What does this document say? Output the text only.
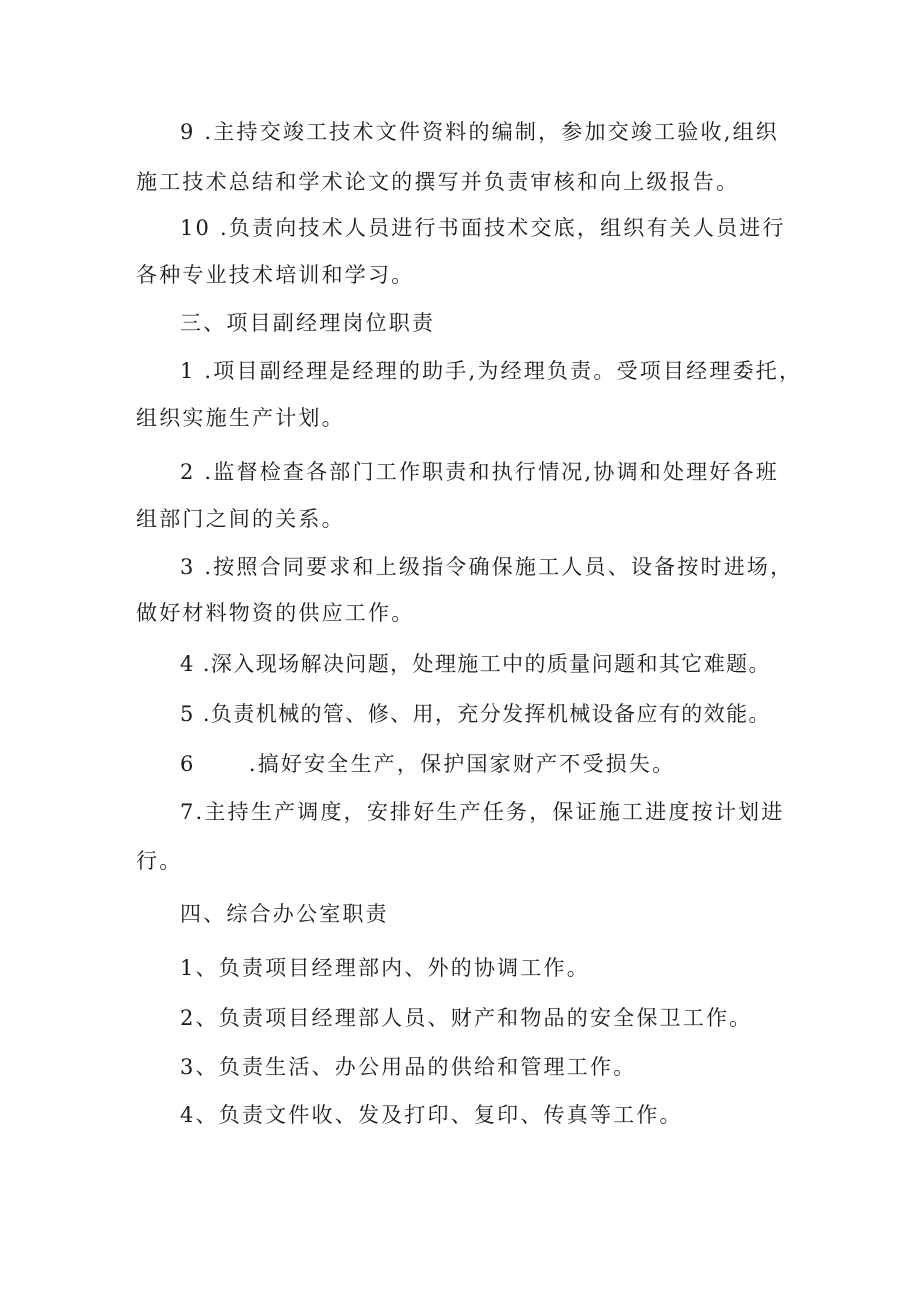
9 .主持交竣工技术文件资料的编制，参加交竣工验收,组织
施工技术总结和学术论文的撰写并负责审核和向上级报告。
10 .负责向技术人员进行书面技术交底，组织有关人员进行
各种专业技术培训和学习。
三、项目副经理岗位职责
1 .项目副经理是经理的助手,为经理负责。受项目经理委托，
组织实施生产计划。
2 .监督检查各部门工作职责和执行情况,协调和处理好各班
组部门之间的关系。
3 .按照合同要求和上级指令确保施工人员、设备按时进场，
做好材料物资的供应工作。
4 .深入现场解决问题，处理施工中的质量问题和其它难题。
5 .负责机械的管、修、用，充分发挥机械设备应有的效能。
6      .搞好安全生产，保护国家财产不受损失。
7.主持生产调度，安排好生产任务，保证施工进度按计划进
行。
四、综合办公室职责
1、负责项目经理部内、外的协调工作。
2、负责项目经理部人员、财产和物品的安全保卫工作。
3、负责生活、办公用品的供给和管理工作。
4、负责文件收、发及打印、复印、传真等工作。
